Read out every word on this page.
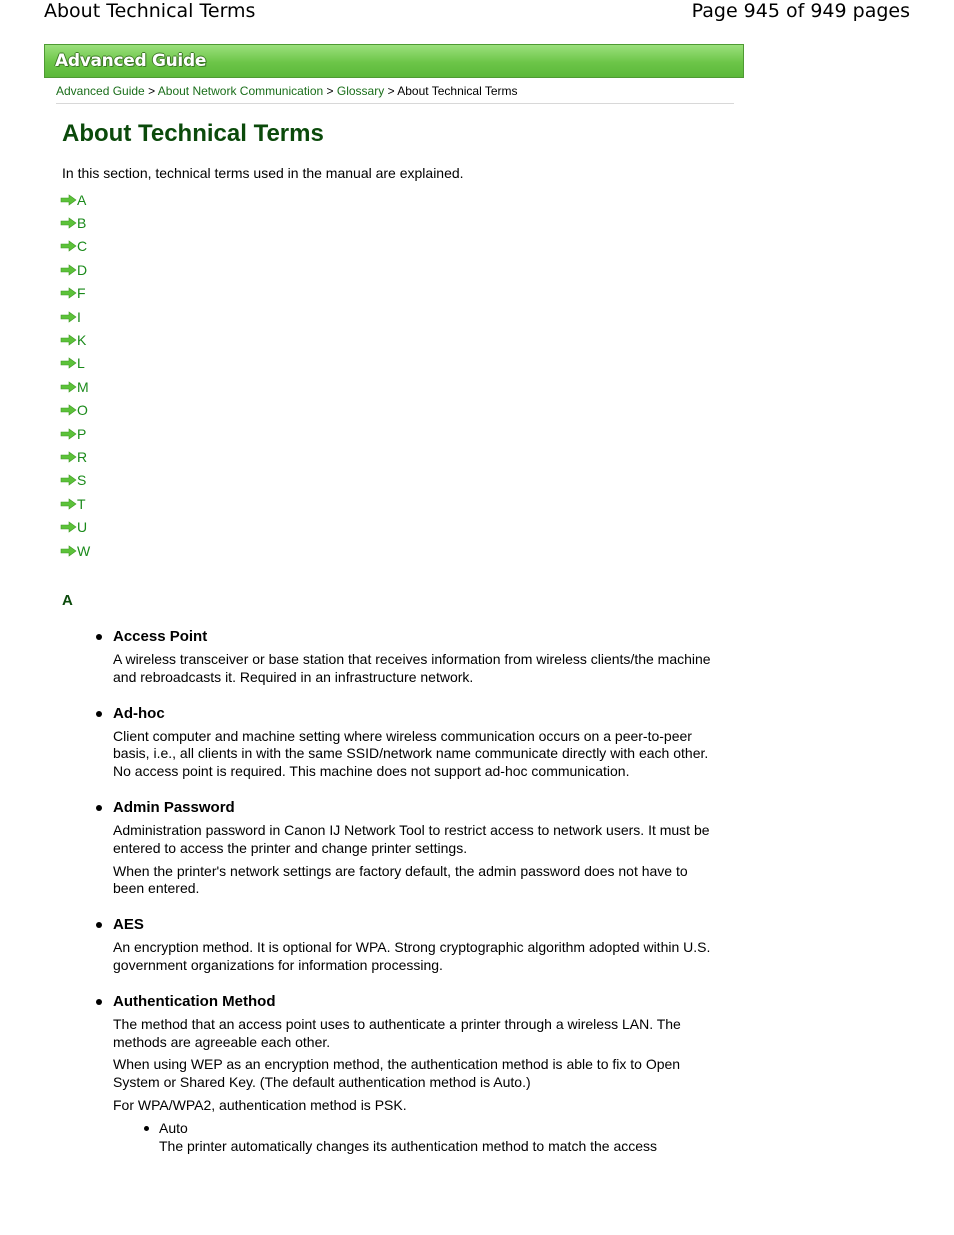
About Technical Terms	Page 945 of 949 pages
Advanced Guide
Advanced Guide > About Network Communication > Glossary > About Technical Terms
About Technical Terms
In this section, technical terms used in the manual are explained.
A
B
C
D
F
I
K
L
M
O
P
R
S
T
U
W
A
Access Point

A wireless transceiver or base station that receives information from wireless clients/the machine and rebroadcasts it. Required in an infrastructure network.

Ad-hoc

Client computer and machine setting where wireless communication occurs on a peer-to-peer basis, i.e., all clients in with the same SSID/network name communicate directly with each other. No access point is required. This machine does not support ad-hoc communication.

Admin Password

Administration password in Canon IJ Network Tool to restrict access to network users. It must be entered to access the printer and change printer settings.

When the printer's network settings are factory default, the admin password does not have to been entered.

AES

An encryption method. It is optional for WPA. Strong cryptographic algorithm adopted within U.S. government organizations for information processing.

Authentication Method

The method that an access point uses to authenticate a printer through a wireless LAN. The methods are agreeable each other.

When using WEP as an encryption method, the authentication method is able to fix to Open System or Shared Key. (The default authentication method is Auto.)

For WPA/WPA2, authentication method is PSK.

Auto
The printer automatically changes its authentication method to match the access
